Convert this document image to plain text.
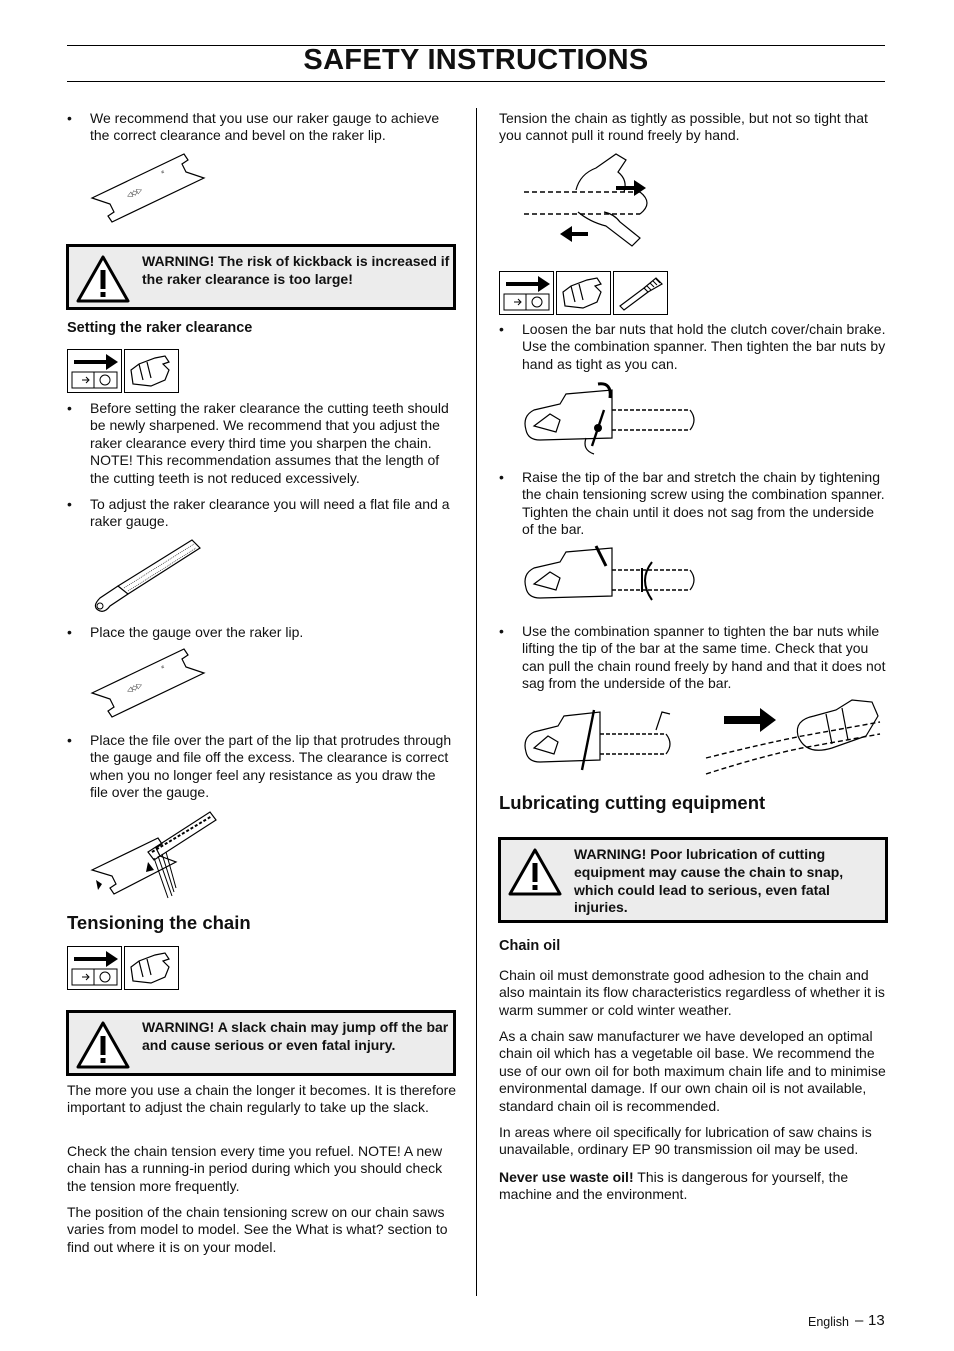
SAFETY INSTRUCTIONS
• We recommend that you use our raker gauge to achieve the correct clearance and bevel on the raker lip.
◁◇▷
≡
WARNING! The risk of kickback is increased if the raker clearance is too large!
Setting the raker clearance
• Before setting the raker clearance the cutting teeth should be newly sharpened. We recommend that you adjust the raker clearance every third time you sharpen the chain. NOTE! This recommendation assumes that the length of the cutting teeth is not reduced excessively.
• To adjust the raker clearance you will need a flat file and a raker gauge.
• Place the gauge over the raker lip.
◁◇▷
≡
• Place the file over the part of the lip that protrudes through the gauge and file off the excess. The clearance is correct when you no longer feel any resistance as you draw the file over the gauge.
Tensioning the chain
WARNING! A slack chain may jump off the bar and cause serious or even fatal injury.
The more you use a chain the longer it becomes. It is therefore important to adjust the chain regularly to take up the slack.
Check the chain tension every time you refuel. NOTE! A new chain has a running-in period during which you should check the tension more frequently.
The position of the chain tensioning screw on our chain saws varies from model to model. See the What is what? section to find out where it is on your model.
Tension the chain as tightly as possible, but not so tight that you cannot pull it round freely by hand.
• Loosen the bar nuts that hold the clutch cover/chain brake. Use the combination spanner. Then tighten the bar nuts by hand as tight as you can.
• Raise the tip of the bar and stretch the chain by tightening the chain tensioning screw using the combination spanner. Tighten the chain until it does not sag from the underside of the bar.
• Use the combination spanner to tighten the bar nuts while lifting the tip of the bar at the same time. Check that you can pull the chain round freely by hand and that it does not sag from the underside of the bar.
Lubricating cutting equipment
WARNING! Poor lubrication of cutting equipment may cause the chain to snap, which could lead to serious, even fatal injuries.
Chain oil
Chain oil must demonstrate good adhesion to the chain and also maintain its flow characteristics regardless of whether it is warm summer or cold winter weather.
As a chain saw manufacturer we have developed an optimal chain oil which has a vegetable oil base. We recommend the use of our own oil for both maximum chain life and to minimise environmental damage. If our own chain oil is not available, standard chain oil is recommended.
In areas where oil specifically for lubrication of saw chains is unavailable, ordinary EP 90 transmission oil may be used.
Never use waste oil! This is dangerous for yourself, the machine and the environment.
English – 13
